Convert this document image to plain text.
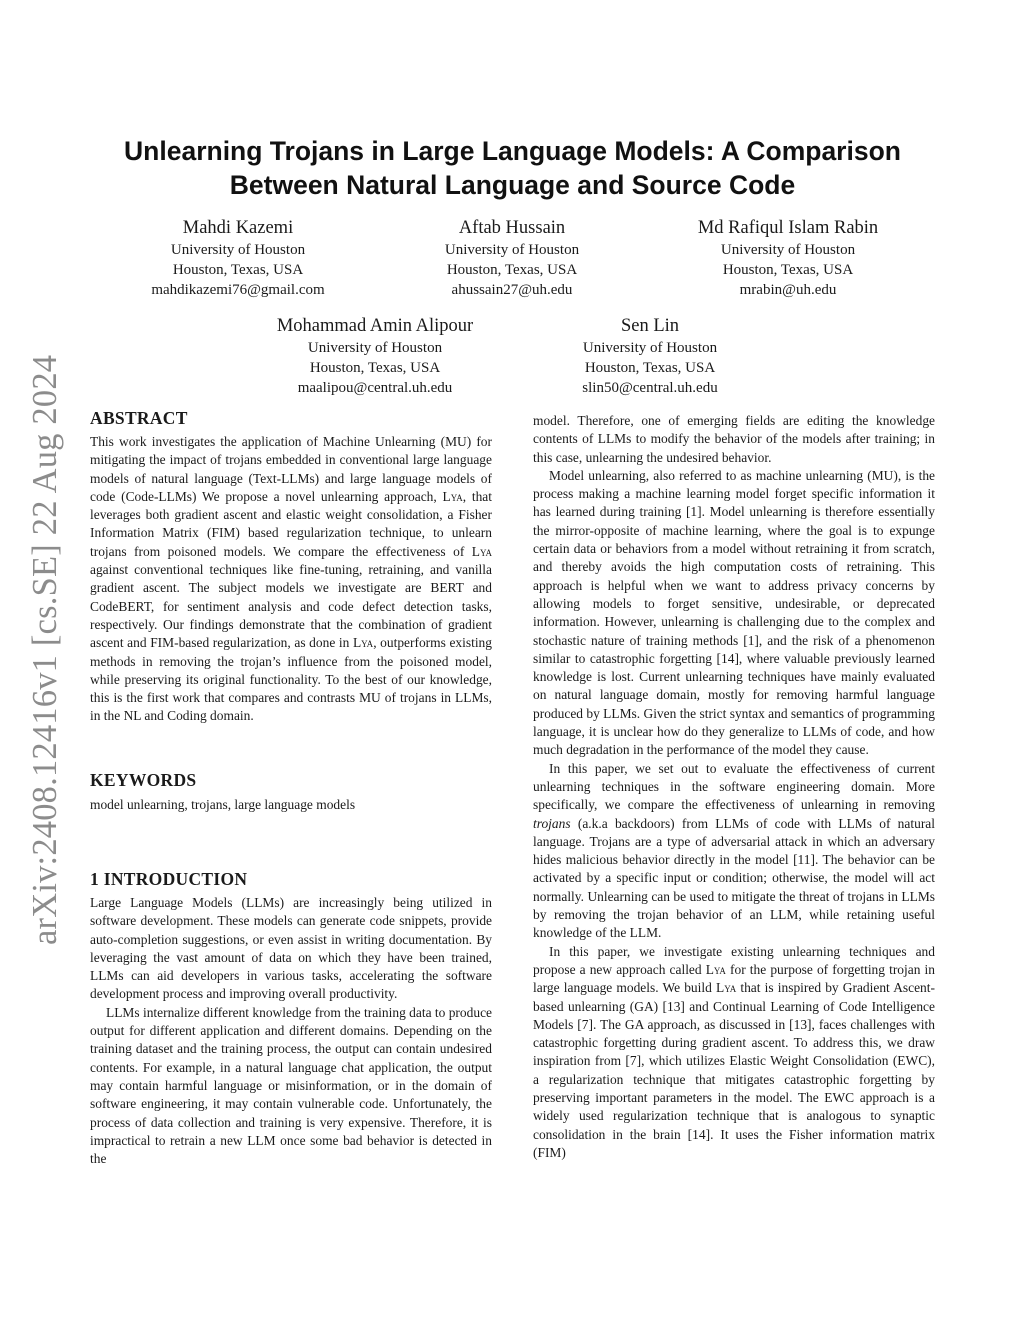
arXiv:2408.12416v1 [cs.SE] 22 Aug 2024
Unlearning Trojans in Large Language Models: A Comparison
Between Natural Language and Source Code
Mahdi Kazemi
University of Houston
Houston, Texas, USA
mahdikazemi76@gmail.com
Aftab Hussain
University of Houston
Houston, Texas, USA
ahussain27@uh.edu
Md Rafiqul Islam Rabin
University of Houston
Houston, Texas, USA
mrabin@uh.edu
Mohammad Amin Alipour
University of Houston
Houston, Texas, USA
maalipou@central.uh.edu
Sen Lin
University of Houston
Houston, Texas, USA
slin50@central.uh.edu
ABSTRACT

This work investigates the application of Machine Unlearning (MU) for mitigating the impact of trojans embedded in conventional large language models of natural language (Text-LLMs) and large language models of code (Code-LLMs) We propose a novel unlearning approach, Lya, that leverages both gradient ascent and elastic weight consolidation, a Fisher Information Matrix (FIM) based regularization technique, to unlearn trojans from poisoned models. We compare the effectiveness of Lya against conventional techniques like fine-tuning, retraining, and vanilla gradient ascent. The subject models we investigate are BERT and CodeBERT, for sentiment analysis and code defect detection tasks, respectively. Our findings demonstrate that the combination of gradient ascent and FIM-based regularization, as done in Lya, outperforms existing methods in removing the trojan’s influence from the poisoned model, while preserving its original functionality. To the best of our knowledge, this is the first work that compares and contrasts MU of trojans in LLMs, in the NL and Coding domain.

KEYWORDS
model unlearning, trojans, large language models
1 INTRODUCTION

Large Language Models (LLMs) are increasingly being utilized in software development. These models can generate code snippets, provide auto-completion suggestions, or even assist in writing documentation. By leveraging the vast amount of data on which they have been trained, LLMs can aid developers in various tasks, accelerating the software development process and improving overall productivity.

LLMs internalize different knowledge from the training data to produce output for different application and different domains. Depending on the training dataset and the training process, the output can contain undesired contents. For example, in a natural language chat application, the output may contain harmful language or misinformation, or in the domain of software engineering, it may contain vulnerable code. Unfortunately, the process of data collection and training is very expensive. Therefore, it is impractical to retrain a new LLM once some bad behavior is detected in the

model. Therefore, one of emerging fields are editing the knowledge contents of LLMs to modify the behavior of the models after training; in this case, unlearning the undesired behavior.

Model unlearning, also referred to as machine unlearning (MU), is the process making a machine learning model forget specific information it has learned during training [1]. Model unlearning is therefore essentially the mirror-opposite of machine learning, where the goal is to expunge certain data or behaviors from a model without retraining it from scratch, and thereby avoids the high computation costs of retraining. This approach is helpful when we want to address privacy concerns by allowing models to forget sensitive, undesirable, or deprecated information. However, unlearning is challenging due to the complex and stochastic nature of training methods [1], and the risk of a phenomenon similar to catastrophic forgetting [14], where valuable previously learned knowledge is lost. Current unlearning techniques have mainly evaluated on natural language domain, mostly for removing harmful language produced by LLMs. Given the strict syntax and semantics of programming language, it is unclear how do they generalize to LLMs of code, and how much degradation in the performance of the model they cause.

In this paper, we set out to evaluate the effectiveness of current unlearning techniques in the software engineering domain. More specifically, we compare the effectiveness of unlearning in removing trojans (a.k.a backdoors) from LLMs of code with LLMs of natural language. Trojans are a type of adversarial attack in which an adversary hides malicious behavior directly in the model [11]. The behavior can be activated by a specific input or condition; otherwise, the model will act normally. Unlearning can be used to mitigate the threat of trojans in LLMs by removing the trojan behavior of an LLM, while retaining useful knowledge of the LLM.

In this paper, we investigate existing unlearning techniques and propose a new approach called Lya for the purpose of forgetting trojan in large language models. We build Lya that is inspired by Gradient Ascent-based unlearning (GA) [13] and Continual Learning of Code Intelligence Models [7]. The GA approach, as discussed in [13], faces challenges with catastrophic forgetting during gradient ascent. To address this, we draw inspiration from [7], which utilizes Elastic Weight Consolidation (EWC), a regularization technique that mitigates catastrophic forgetting by preserving important parameters in the model. The EWC approach is a widely used regularization technique that is analogous to synaptic consolidation in the brain [14]. It uses the Fisher information matrix (FIM)
